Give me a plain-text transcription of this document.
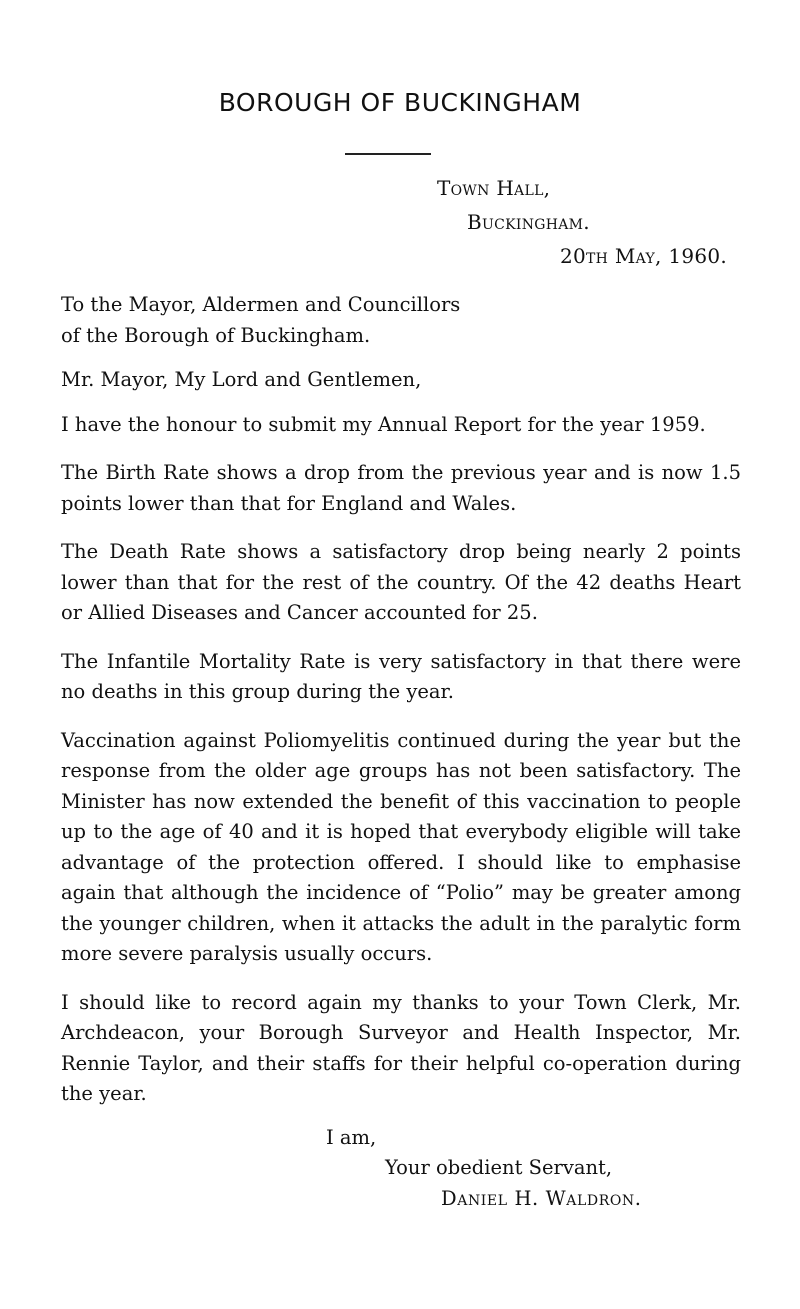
BOROUGH OF BUCKINGHAM
Town Hall,
Buckingham.
20th May, 1960.

To the Mayor, Aldermen and Councillors

of the Borough of Buckingham.

Mr. Mayor, My Lord and Gentlemen,

I have the honour to submit my Annual Report for the year 1959.

The Birth Rate shows a drop from the previous year and is now 1.5 points lower than that for England and Wales.

The Death Rate shows a satisfactory drop being nearly 2 points lower than that for the rest of the country. Of the 42 deaths Heart or Allied Diseases and Cancer accounted for 25.

The Infantile Mortality Rate is very satisfactory in that there were no deaths in this group during the year.

Vaccination against Poliomyelitis continued during the year but the response from the older age groups has not been satisfactory. The Minister has now extended the benefit of this vaccination to people up to the age of 40 and it is hoped that everybody eligible will take advantage of the protection offered. I should like to emphasise again that although the incidence of “Polio” may be greater among the younger children, when it attacks the adult in the paralytic form more severe paralysis usually occurs.

I should like to record again my thanks to your Town Clerk, Mr. Archdeacon, your Borough Surveyor and Health Inspector, Mr. Rennie Taylor, and their staffs for their helpful co-operation during the year.

I am,
Your obedient Servant,
Daniel H. Waldron.
